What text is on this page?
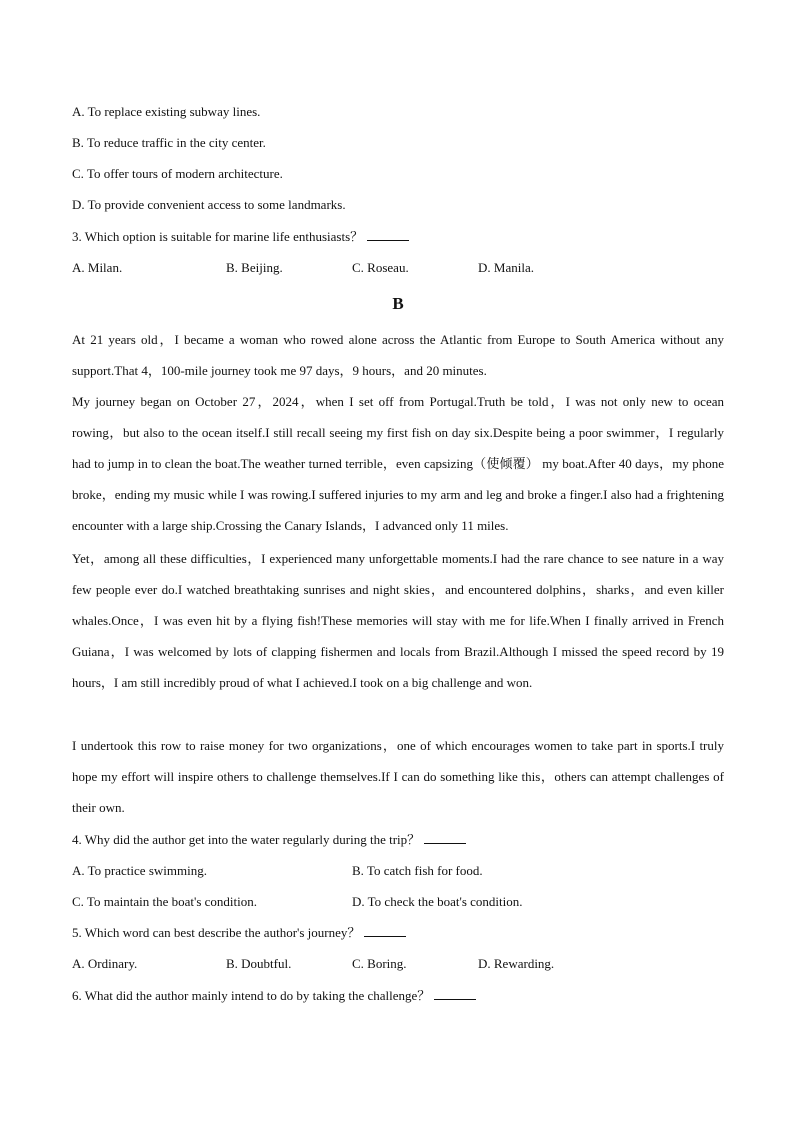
A. To replace existing subway lines.
B. To reduce traffic in the city center.
C. To offer tours of modern architecture.
D. To provide convenient access to some landmarks.
3. Which option is suitable for marine life enthusiasts？
A. Milan.	B. Beijing.	C. Roseau.	D. Manila.
B
At 21 years old，I became a woman who rowed alone across the Atlantic from Europe to South America without any support.That 4，100-mile journey took me 97 days，9 hours，and 20 minutes.
My journey began on October 27，2024，when I set off from Portugal.Truth be told，I was not only new to ocean rowing，but also to the ocean itself.I still recall seeing my first fish on day six.Despite being a poor swimmer，I regularly had to jump in to clean the boat.The weather turned terrible，even capsizing（使倾覆） my boat.After 40 days，my phone broke，ending my music while I was rowing.I suffered injuries to my arm and leg and broke a finger.I also had a frightening encounter with a large ship.Crossing the Canary Islands，I advanced only 11 miles.
Yet，among all these difficulties，I experienced many unforgettable moments.I had the rare chance to see nature in a way few people ever do.I watched breathtaking sunrises and night skies，and encountered dolphins，sharks，and even killer whales.Once，I was even hit by a flying fish!These memories will stay with me for life.When I finally arrived in French Guiana，I was welcomed by lots of clapping fishermen and locals from Brazil.Although I missed the speed record by 19 hours，I am still incredibly proud of what I achieved.I took on a big challenge and won.
I undertook this row to raise money for two organizations，one of which encourages women to take part in sports.I truly hope my effort will inspire others to challenge themselves.If I can do something like this，others can attempt challenges of their own.
4. Why did the author get into the water regularly during the trip？
A. To practice swimming.	B. To catch fish for food.
C. To maintain the boat's condition.	D. To check the boat's condition.
5. Which word can best describe the author's journey？
A. Ordinary.	B. Doubtful.	C. Boring.	D. Rewarding.
6. What did the author mainly intend to do by taking the challenge？
